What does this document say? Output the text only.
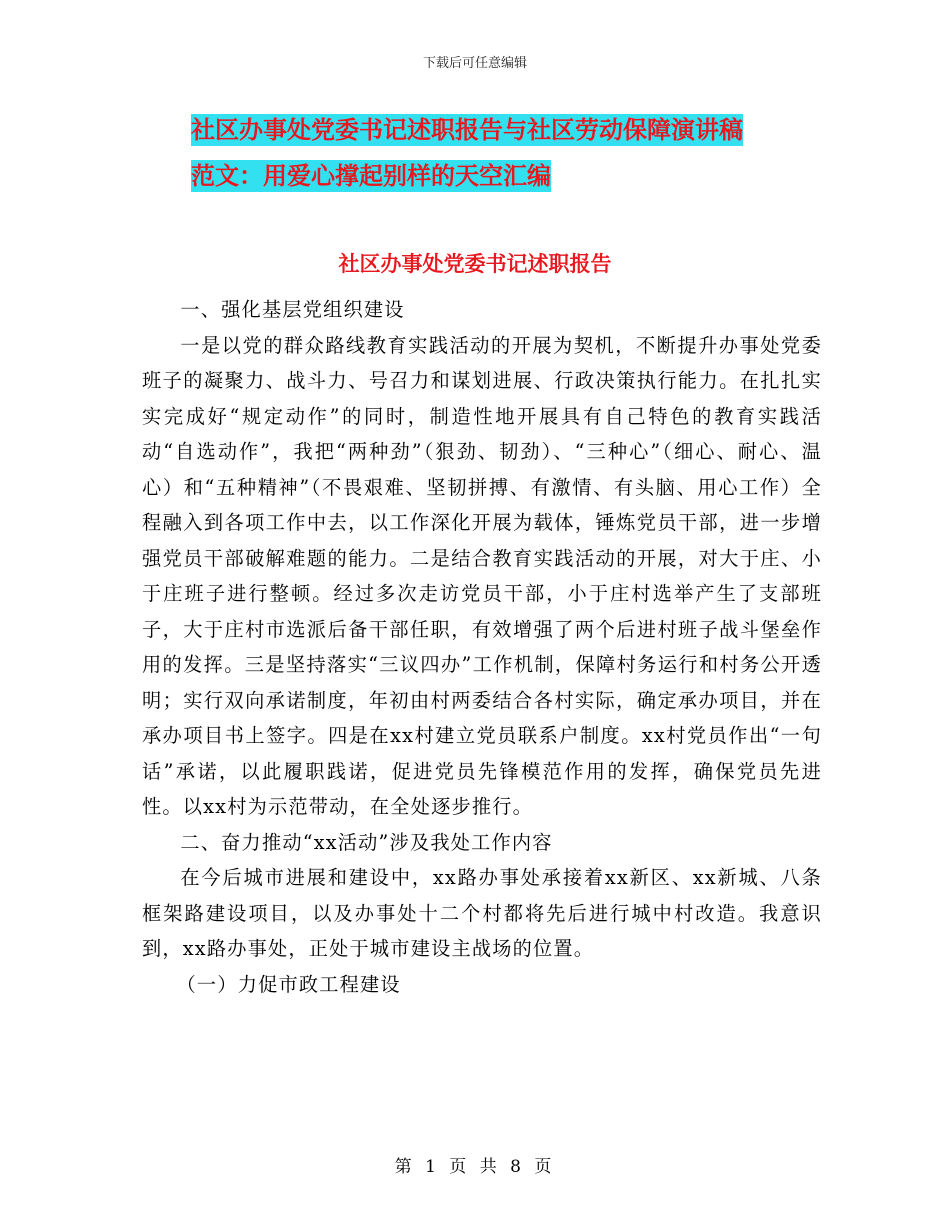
下载后可任意编辑
社区办事处党委书记述职报告与社区劳动保障演讲稿
范文：用爱心撑起别样的天空汇编
社区办事处党委书记述职报告

一、强化基层党组织建设

一是以党的群众路线教育实践活动的开展为契机，不断提升办事处党委班子的凝聚力、战斗力、号召力和谋划进展、行政决策执行能力。在扎扎实实完成好“规定动作”的同时，制造性地开展具有自己特色的教育实践活动“自选动作”，我把“两种劲”（狠劲、韧劲）、“三种心”（细心、耐心、温心）和“五种精神”（不畏艰难、坚韧拼搏、有激情、有头脑、用心工作）全程融入到各项工作中去，以工作深化开展为载体，锤炼党员干部，进一步增强党员干部破解难题的能力。二是结合教育实践活动的开展，对大于庄、小于庄班子进行整顿。经过多次走访党员干部，小于庄村选举产生了支部班子，大于庄村市选派后备干部任职，有效增强了两个后进村班子战斗堡垒作用的发挥。三是坚持落实“三议四办”工作机制，保障村务运行和村务公开透明；实行双向承诺制度，年初由村两委结合各村实际，确定承办项目，并在承办项目书上签字。四是在xx村建立党员联系户制度。xx村党员作出“一句话”承诺，以此履职践诺，促进党员先锋模范作用的发挥，确保党员先进性。以xx村为示范带动，在全处逐步推行。

二、奋力推动“xx活动”涉及我处工作内容

在今后城市进展和建设中，xx路办事处承接着xx新区、xx新城、八条框架路建设项目，以及办事处十二个村都将先后进行城中村改造。我意识到，xx路办事处，正处于城市建设主战场的位置。

（一）力促市政工程建设

第 1 页 共 8 页
